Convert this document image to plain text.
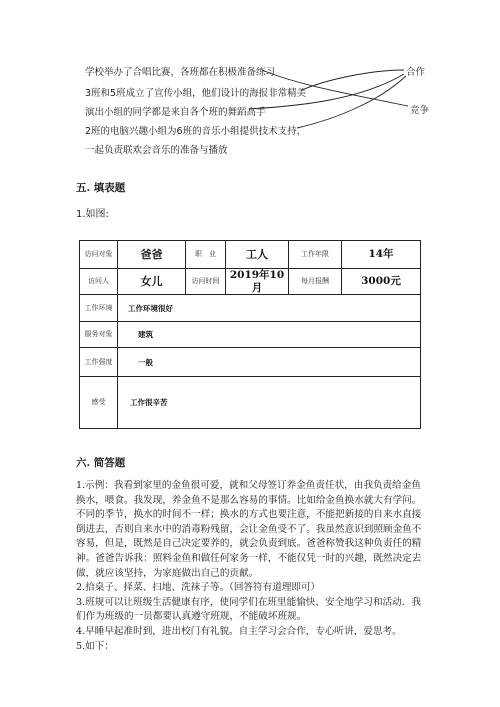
学校举办了合唱比赛，各班都在积极准备练习
3班和5班成立了宣传小组，他们设计的海报非常精美
演出小组的同学都是来自各个班的舞蹈高手
2班的电脑兴趣小组为6班的音乐小组提供技术支持，
一起负责联欢会音乐的准备与播放
合作
竞争
五. 填表题
1.如图:
访问对象	爸爸	职　业	工人	工作年限	14年
访问人	女儿	访问时间	2019年10月	每月报酬	3000元
工作环境	工作环境很好				
服务对象	建筑				
工作强度	一般				
感受	工作很辛苦				
六. 简答题

1.示例：我看到家里的金鱼很可爱，就和父母签订养金鱼责任状，由我负责给金鱼换水，喂食。我发现，养金鱼不是那么容易的事情。比如给金鱼换水就大有学问。不同的季节，换水的时间不一样；换水的方式也要注意，不能把新接的自来水直接倒进去，否则自来水中的消毒粉残留，会让金鱼受不了。我虽然意识到照顾金鱼不容易，但是，既然是自己决定要养的，就会负责到底。爸爸称赞我这种负责任的精神。爸爸告诉我：照料金鱼和做任何家务一样，不能仅凭一时的兴趣，既然决定去做，就应该坚持，为家庭做出自己的贡献。

2.拾桌子、择菜、扫地、洗袜子等。（回答符有道理即可）

3.班规可以让班级生活健康有序，使同学们在班里能愉快、安全地学习和活动．我们作为班级的一员都要认真遵守班规，不能破坏班规。

4.早睡早起准时到，进出校门有礼貌。自主学习会合作，专心听讲，爱思考。

5.如下：
